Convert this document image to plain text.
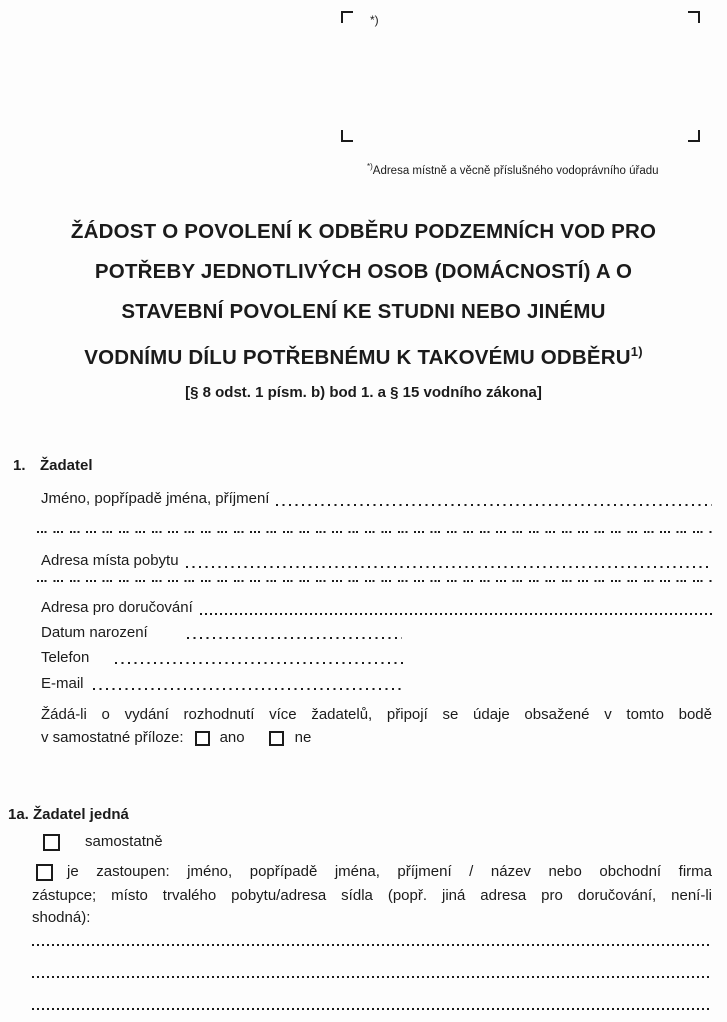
*)
*)Adresa místně a věcně příslušného vodoprávního úřadu
ŽÁDOST O POVOLENÍ K ODBĚRU PODZEMNÍCH VOD PRO
POTŘEBY JEDNOTLIVÝCH OSOB (DOMÁCNOSTÍ) A O
STAVEBNÍ POVOLENÍ KE STUDNI NEBO JINÉMU
VODNÍMU DÍLU POTŘEBNÉMU K TAKOVÉMU ODBĚRU$^{1)}$
[§ 8 odst. 1 písm. b) bod 1. a § 15 vodního zákona]
1. Žadatel
Jméno, popřípadě jména, příjmení
Adresa místa pobytu
Adresa pro doručování
Datum narození
Telefon
E-mail
Žádá-li o vydání rozhodnutí více žadatelů, připojí se údaje obsažené v tomto bodě
v samostatné příloze: ano	ne
1a. Žadatel jedná
samostatně
je zastoupen: jméno, popřípadě jména, příjmení / název nebo obchodní firma
zástupce; místo trvalého pobytu/adresa sídla (popř. jiná adresa pro doručování, není-li
shodná):
